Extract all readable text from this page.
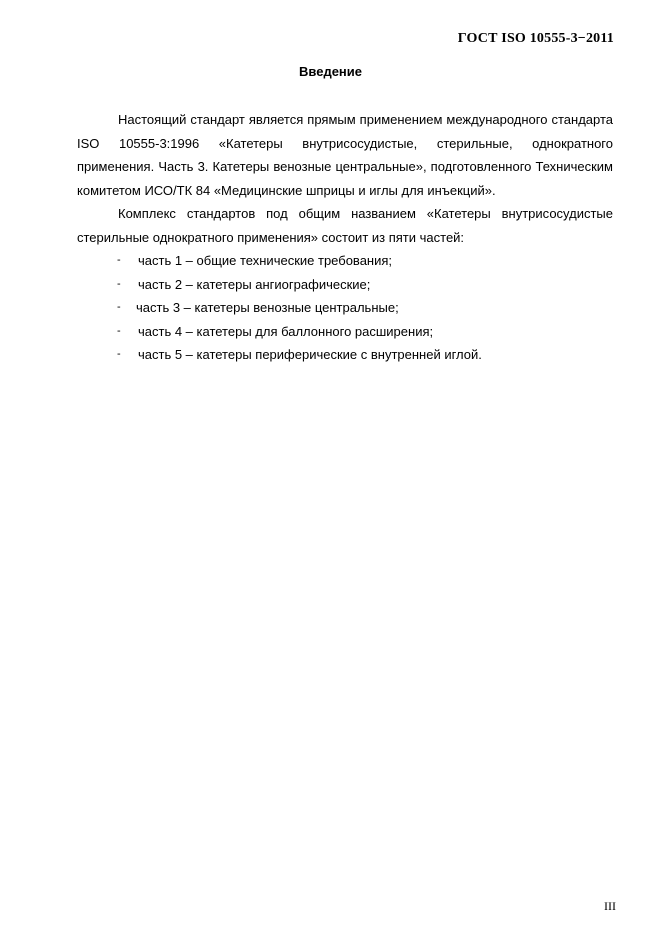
ГОСТ ISO 10555-3−2011
Введение

Настоящий стандарт является прямым применением международного стандарта ISO 10555-3:1996 «Катетеры внутрисосудистые, стерильные, однократного применения. Часть 3. Катетеры венозные центральные», подготовленного Техническим комитетом ИСО/ТК 84 «Медицинские шприцы и иглы для инъекций».

Комплекс стандартов под общим названием «Катетеры внутрисосудистые стерильные однократного применения» состоит из пяти частей:

- часть 1 – общие технические требования;
- часть 2 – катетеры ангиографические;
- часть 3 – катетеры венозные центральные;
- часть 4 – катетеры для баллонного расширения;
- часть 5 – катетеры периферические с внутренней иглой.
III
